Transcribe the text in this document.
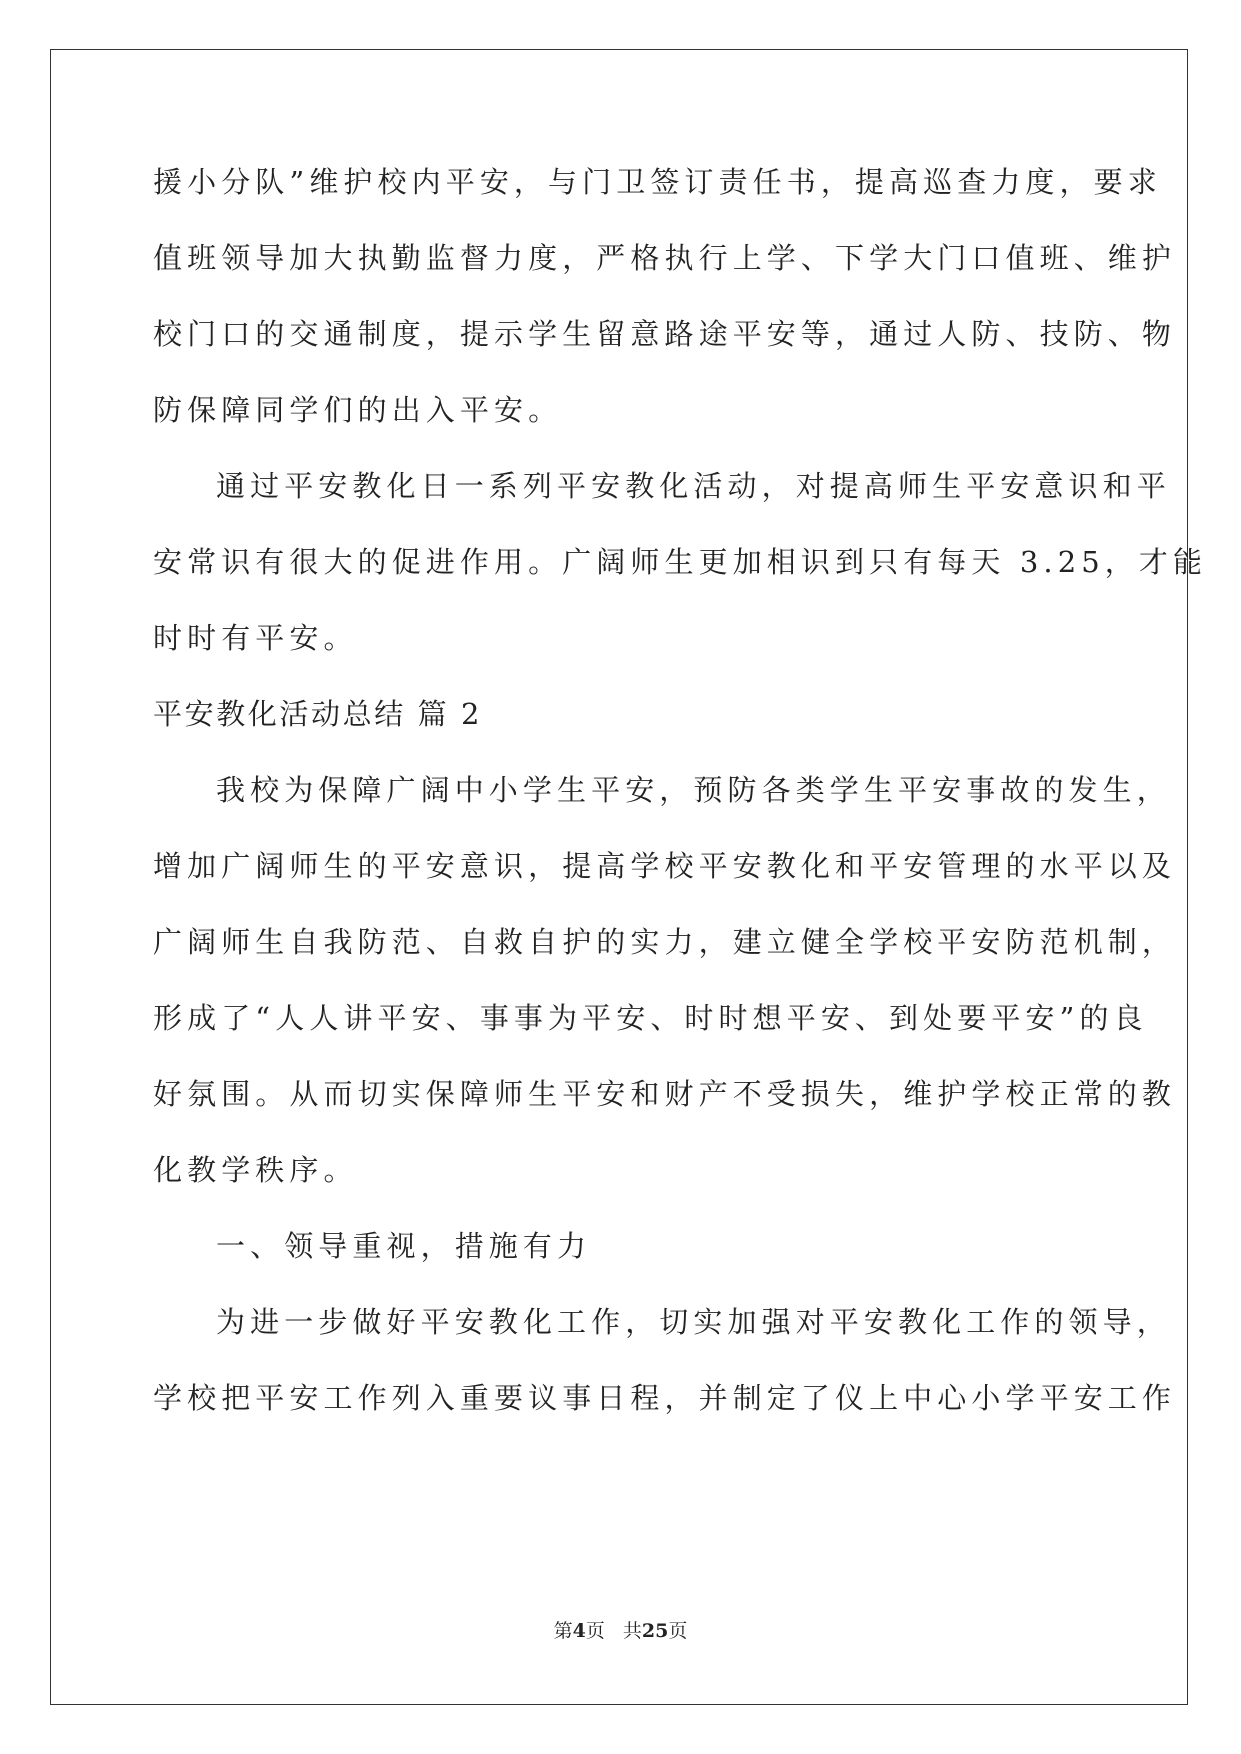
援小分队”维护校内平安，与门卫签订责任书，提高巡查力度，要求
值班领导加大执勤监督力度，严格执行上学、下学大门口值班、维护
校门口的交通制度，提示学生留意路途平安等，通过人防、技防、物
防保障同学们的出入平安。
通过平安教化日一系列平安教化活动，对提高师生平安意识和平
安常识有很大的促进作用。广阔师生更加相识到只有每天 3.25，才能
时时有平安。
平安教化活动总结 篇 2
我校为保障广阔中小学生平安，预防各类学生平安事故的发生，
增加广阔师生的平安意识，提高学校平安教化和平安管理的水平以及
广阔师生自我防范、自救自护的实力，建立健全学校平安防范机制，
形成了“人人讲平安、事事为平安、时时想平安、到处要平安”的良
好氛围。从而切实保障师生平安和财产不受损失，维护学校正常的教
化教学秩序。
一、领导重视，措施有力
为进一步做好平安教化工作，切实加强对平安教化工作的领导，
学校把平安工作列入重要议事日程，并制定了仪上中心小学平安工作
第4页 共25页
